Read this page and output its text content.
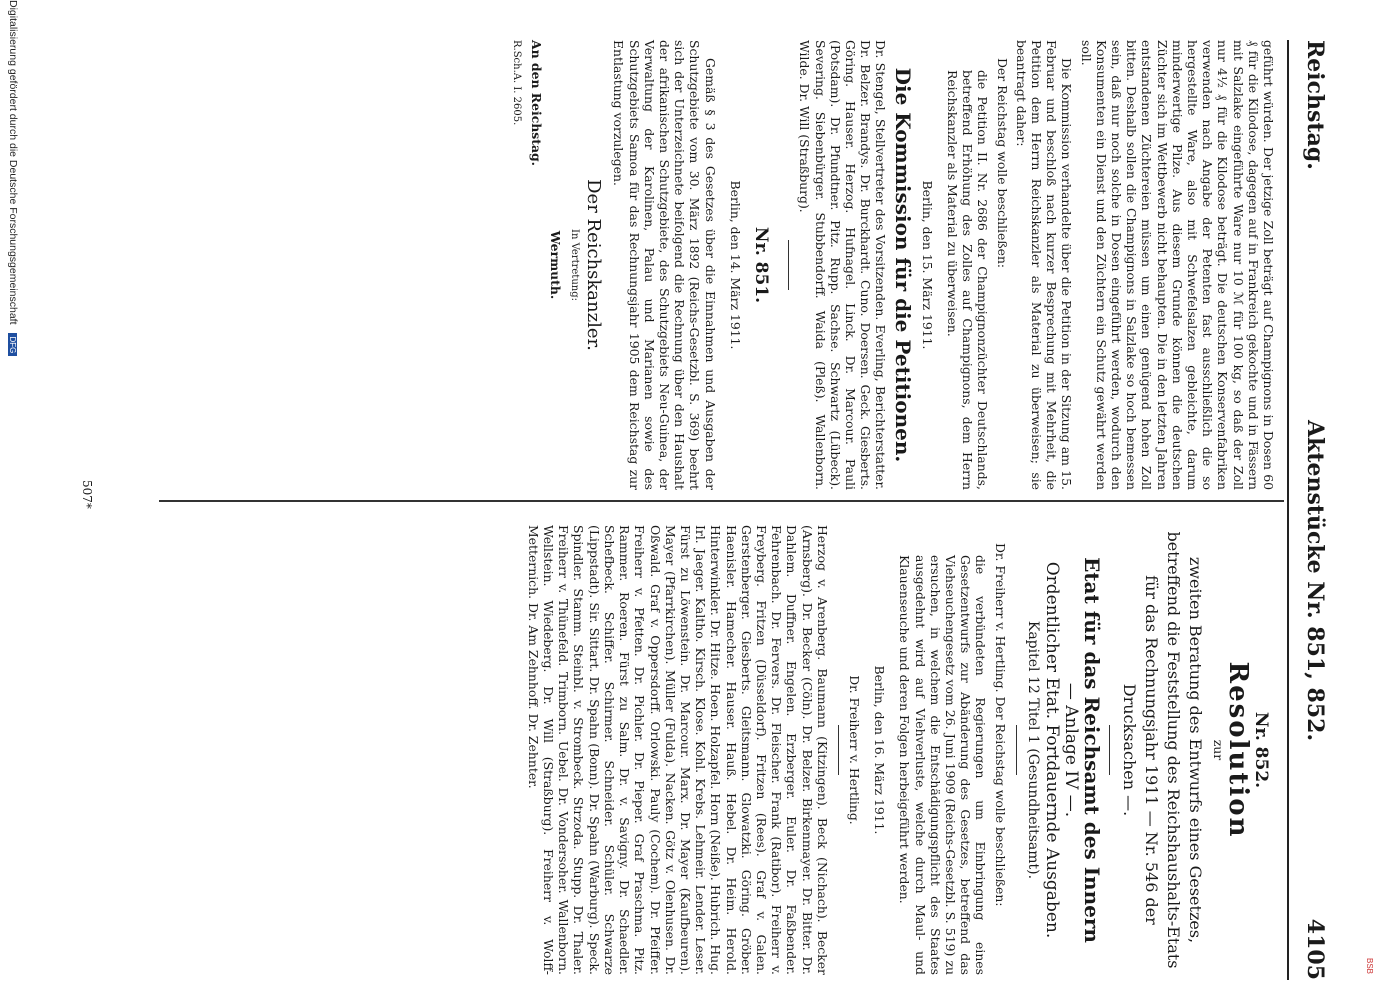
BSB
Reichstag.
Aktenstücke Nr. 851, 852.
4105

geführt würden. Der jetzige Zoll beträgt auf Champignons in Dosen 60 ₰ für die Kilodose, dagegen auf in Frankreich gekochte und in Fässern mit Salzlake eingeführte Ware nur 10 ℳ für 100 kg, so daß der Zoll nur 4½ ₰ für die Kilodose beträgt. Die deutschen Konservenfabriken verwenden nach Angabe der Petenten fast ausschließlich die so hergestellte Ware, also mit Schwefelsalzen gebleichte, darum minderwertige Pilze. Aus diesem Grunde können die deutschen Züchter sich im Wettbewerb nicht behaupten. Die in den letzten Jahren entstandenen Züchtereien müssen um einen genügend hohen Zoll bitten. Deshalb sollen die Champignons in Salzlake so hoch bemessen sein, daß nur noch solche in Dosen eingeführt werden, wodurch den Konsumenten ein Dienst und den Züchtern ein Schutz gewährt werden soll.

Die Kommission verhandelte über die Petition in der Sitzung am 15. Februar und beschloß nach kurzer Besprechung mit Mehrheit, die Petition dem Herrn Reichskanzler als Material zu überweisen; sie beantragt daher:

Der Reichstag wolle beschließen:

die Petition II. Nr. 2686 der Champignonzüchter Deutschlands, betreffend Erhöhung des Zolles auf Champignons, dem Herrn Reichskanzler als Material zu überweisen.

Berlin, den 15. März 1911.
Die Kommission für die Petitionen.

Dr. Stengel, Stellvertreter des Vorsitzenden. Everling, Berichterstatter. Dr. Belzer. Brandys. Dr. Burckhardt. Cuno. Doersen. Geck. Giesberts. Göring. Hauser. Herzog. Hufnagel. Linck. Dr. Marcour. Pauli (Potsdam). Dr. Pfundtner. Pitz. Rupp. Sachse. Schwartz (Lübeck). Severing. Siebenbürger. Stubbendorff. Waida (Pleß). Wallenborn. Wilde. Dr. Will (Straßburg).

Nr. 851.
Berlin, den 14. März 1911.

Gemäß § 3 des Gesetzes über die Einnahmen und Ausgaben der Schutzgebiete vom 30. März 1892 (Reichs-Gesetzbl. S. 369) beehrt sich der Unterzeichnete beifolgend die Rechnung über den Haushalt der afrikanischen Schutzgebiete, des Schutzgebiets Neu-Guinea, der Verwaltung der Karolinen, Palau und Marianen sowie des Schutzgebiets Samoa für das Rechnungsjahr 1905 dem Reichstag zur Entlastung vorzulegen.

Der Reichskanzler.
In Vertretung:
Wermuth.

An den Reichstag.

R.Sch.A. I. 2605.

Nr. 852.
Resolution
zur
zweiten Beratung des Entwurfs eines Gesetzes, betreffend die Feststellung des Reichshaushalts-Etats für das Rechnungsjahr 1911 — Nr. 546 der Drucksachen —.
Etat für das Reichsamt des Innern
— Anlage IV —.
Ordentlicher Etat. Fortdauernde Ausgaben.
Kapitel 12 Titel 1 (Gesundheitsamt).

Dr. Freiherr v. Hertling. Der Reichstag wolle beschließen:

die verbündeten Regierungen um Einbringung eines Gesetzentwurfs zur Abänderung des Gesetzes, betreffend das Viehseuchengesetz vom 26. Juni 1909 (Reichs-Gesetzbl. S. 519) zu ersuchen, in welchem die Entschädigungspflicht des Staates ausgedehnt wird auf Viehverluste, welche durch Maul- und Klauenseuche und deren Folgen herbeigeführt werden.

Berlin, den 16. März 1911.
Dr. Freiherr v. Hertling.

Herzog v. Arenberg. Baumann (Kitzingen). Beck (Nichach). Becker (Arnsberg). Dr. Becker (Cöln). Dr. Belzer. Birkenmayer. Dr. Bitter. Dr. Dahlem. Duffner. Engelen. Erzberger. Euler. Dr. Faßbender. Fehrenbach. Dr. Fervers. Dr. Fleischer. Frank (Ratibor). Freiherr v. Freyberg. Fritzen (Düsseldorf). Fritzen (Rees). Graf v. Galen. Gerstenberger. Giesberts. Gleitsmann. Glowatzki. Göring. Gröber. Haenisler. Hamecher. Hauser. Hauß. Hebel. Dr. Heim. Herold. Hinterwinkler. Dr. Hitze. Hoen. Holzapfel. Horn (Neiße). Hubrich. Hug. Irl. Jaeger. Kaltho. Kirsch. Klose. Kohl. Krebs. Lehmeir. Lender. Leser. Fürst zu Löwenstein. Dr. Marcour. Marx. Dr. Mayer (Kaufbeuren). Mayer (Pfarrkirchen). Müller (Fulda). Nacken. Götz v. Olenhusen. Dr. Oßwald. Graf v. Oppersdorff. Orlowski. Pauly (Cochem). Dr. Pfeiffer. Freiherr v. Pfetten. Dr. Pichler. Dr. Pieper. Graf Praschma. Pitz. Rammer. Roeren. Fürst zu Salm. Dr. v. Savigny. Dr. Schaedler. Schefbeck. Schiffer. Schirmer. Schneider. Schüler. Schwarze (Lippstadt). Sir. Sittart. Dr. Spahn (Bonn). Dr. Spahn (Warburg). Speck. Spindler. Stamm. Steinbl. v. Strombeck. Strzoda. Stupp. Dr. Thaler. Freiherr v. Thünefeld. Trimborn. Uebel. Dr. Vondersoher. Wallenborn. Wellstein. Wiedeberg. Dr. Will (Straßburg). Freiherr v. Wolff-Metternich. Dr. Am Zehnhoff. Dr. Zehnter.

507*
Digitalisierung gefördert durch die Deutsche Forschungsgemeinschaft DFG
